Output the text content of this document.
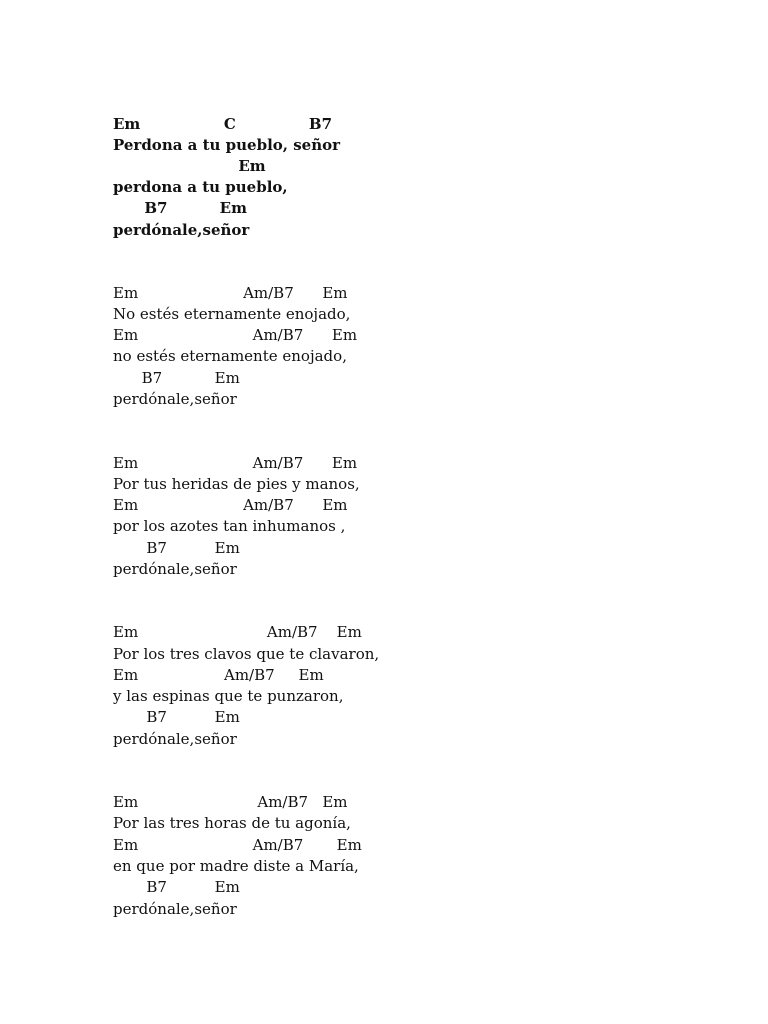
Em                C              B7
Perdona a tu pueblo, señor
Em
perdona a tu pueblo,
B7          Em
perdónale,señor
Em                      Am/B7      Em
No estés eternamente enojado,
Em                        Am/B7      Em
no estés eternamente enojado,
B7           Em
perdónale,señor
Em                        Am/B7      Em
Por tus heridas de pies y manos,
Em                      Am/B7      Em
por los azotes tan inhumanos ,
B7          Em
perdónale,señor
Em                           Am/B7    Em
Por los tres clavos que te clavaron,
Em                  Am/B7     Em
y las espinas que te punzaron,
B7          Em
perdónale,señor
Em                         Am/B7   Em
Por las tres horas de tu agonía,
Em                        Am/B7       Em
en que por madre diste a María,
B7          Em
perdónale,señor
